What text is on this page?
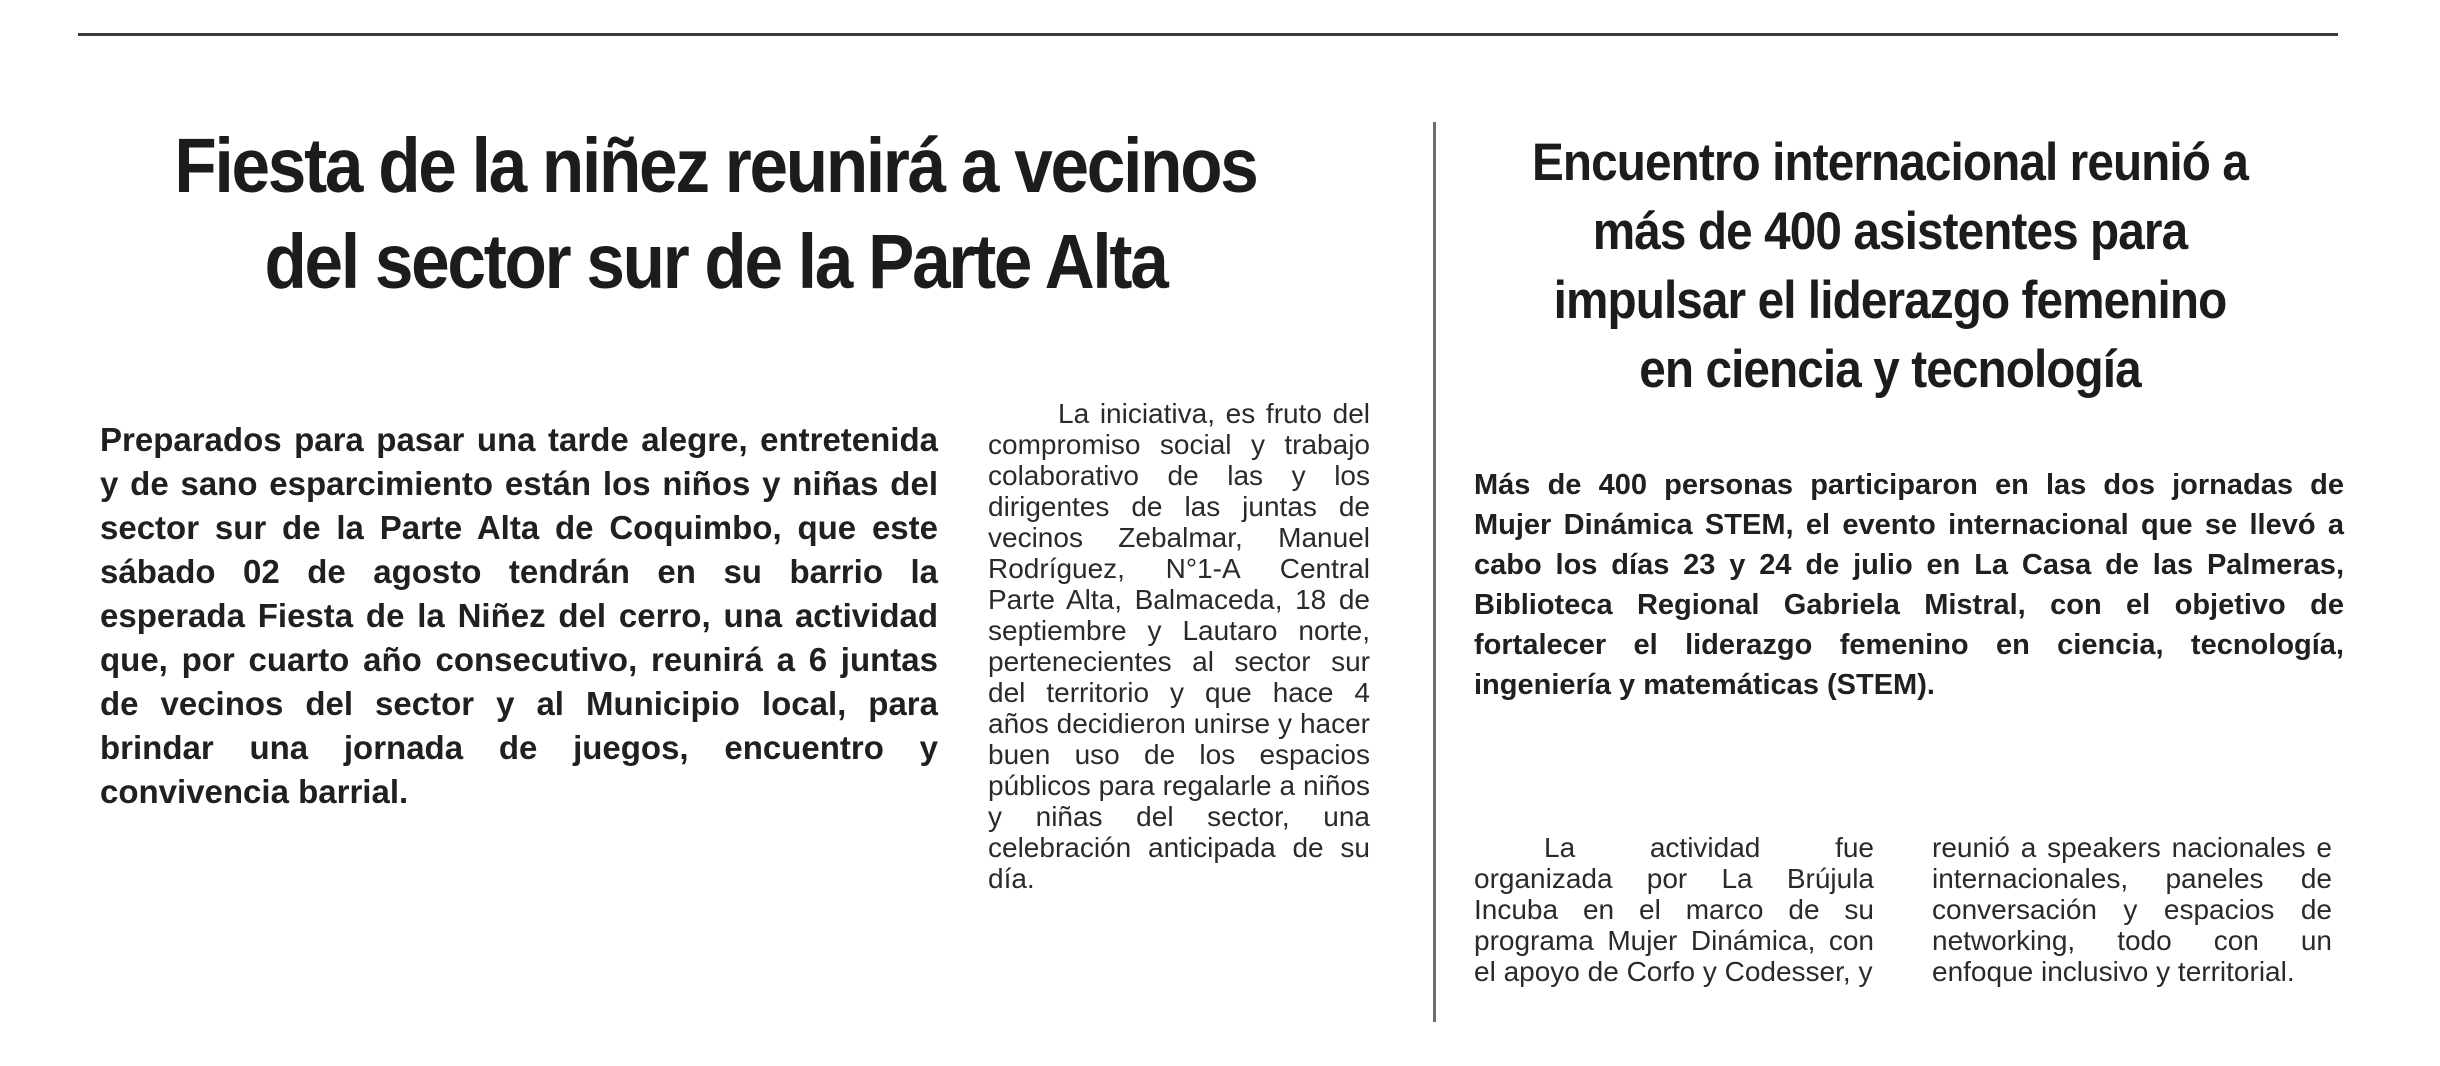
Fiesta de la niñez reunirá a vecinos del sector sur de la Parte Alta

Preparados para pasar una tarde alegre, entretenida y de sano esparcimiento están los niños y niñas del sector sur de la Parte Alta de Coquimbo, que este sábado 02 de agosto tendrán en su barrio la esperada Fiesta de la Niñez del cerro, una actividad que, por cuarto año consecutivo, reunirá a 6 juntas de vecinos del sector y al Municipio local, para brindar una jornada de juegos, encuentro y convivencia barrial.

La iniciativa, es fruto del compromiso social y trabajo colaborativo de las y los dirigentes de las juntas de vecinos Zebalmar, Manuel Rodríguez, N°1-A Central Parte Alta, Balmaceda, 18 de septiembre y Lautaro norte, pertenecientes al sector sur del territorio y que hace 4 años decidieron unirse y hacer buen uso de los espacios públicos para regalarle a niños y niñas del sector, una celebración anticipada de su día.

Encuentro internacional reunió a más de 400 asistentes para impulsar el liderazgo femenino en ciencia y tecnología

Más de 400 personas participaron en las dos jornadas de Mujer Dinámica STEM, el evento internacional que se llevó a cabo los días 23 y 24 de julio en La Casa de las Palmeras, Biblioteca Regional Gabriela Mistral, con el objetivo de fortalecer el liderazgo femenino en ciencia, tecnología, ingeniería y matemáticas (STEM).

La actividad fue organizada por La Brújula Incuba en el marco de su programa Mujer Dinámica, con el apoyo de Corfo y Codesser, y

reunió a speakers nacionales e internacionales, paneles de conversación y espacios de networking, todo con un enfoque inclusivo y territorial.
